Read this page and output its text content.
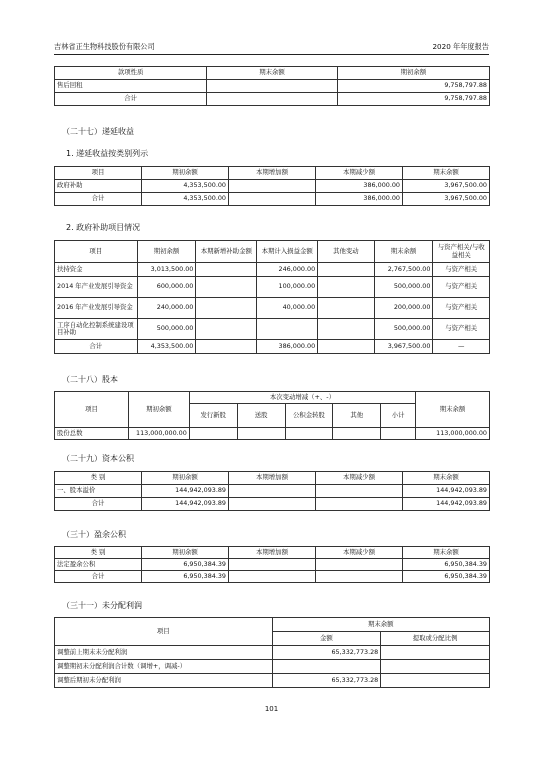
吉林省正生物科技股份有限公司	2020 年年度报告
款项性质	期末余额	期初余额
售后回租		9,758,797.88
合计		9,758,797.88
（二十七）递延收益
1. 递延收益按类别列示
项目	期初余额	本期增加额	本期减少额	期末余额
政府补助	4,353,500.00		386,000.00	3,967,500.00
合计	4,353,500.00		386,000.00	3,967,500.00
2. 政府补助项目情况
项目	期初余额	本期新增补助金额	本期计入损益金额	其他变动	期末余额	与资产相关/与收益相关
扶持资金	3,013,500.00		246,000.00		2,767,500.00	与资产相关
2014 年产业发展引导资金	600,000.00		100,000.00		500,000.00	与资产相关
2016 年产业发展引导资金	240,000.00		40,000.00		200,000.00	与资产相关
工序自动化控制系统建设项目补助	500,000.00				500,000.00	与资产相关
合计	4,353,500.00		386,000.00		3,967,500.00	—
（二十八）股本
项目	期初余额	本次变动增减（+、-）					期末余额
		发行新股	送股	公积金转股	其他	小计	
股份总数	113,000,000.00						113,000,000.00
（二十九）资本公积
类 别	期初余额	本期增加额	本期减少额	期末余额
一、股本溢价	144,942,093.89			144,942,093.89
合计	144,942,093.89			144,942,093.89
（三十）盈余公积
类 别	期初余额	本期增加额	本期减少额	期末余额
法定盈余公积	6,950,384.39			6,950,384.39
合计	6,950,384.39			6,950,384.39
（三十一）未分配利润
项目	期末余额	
	金额	提取或分配比例
调整前上期末未分配利润	65,332,773.28	
调整期初未分配利润合计数（调增+，调减-）		
调整后期初未分配利润	65,332,773.28	
101
